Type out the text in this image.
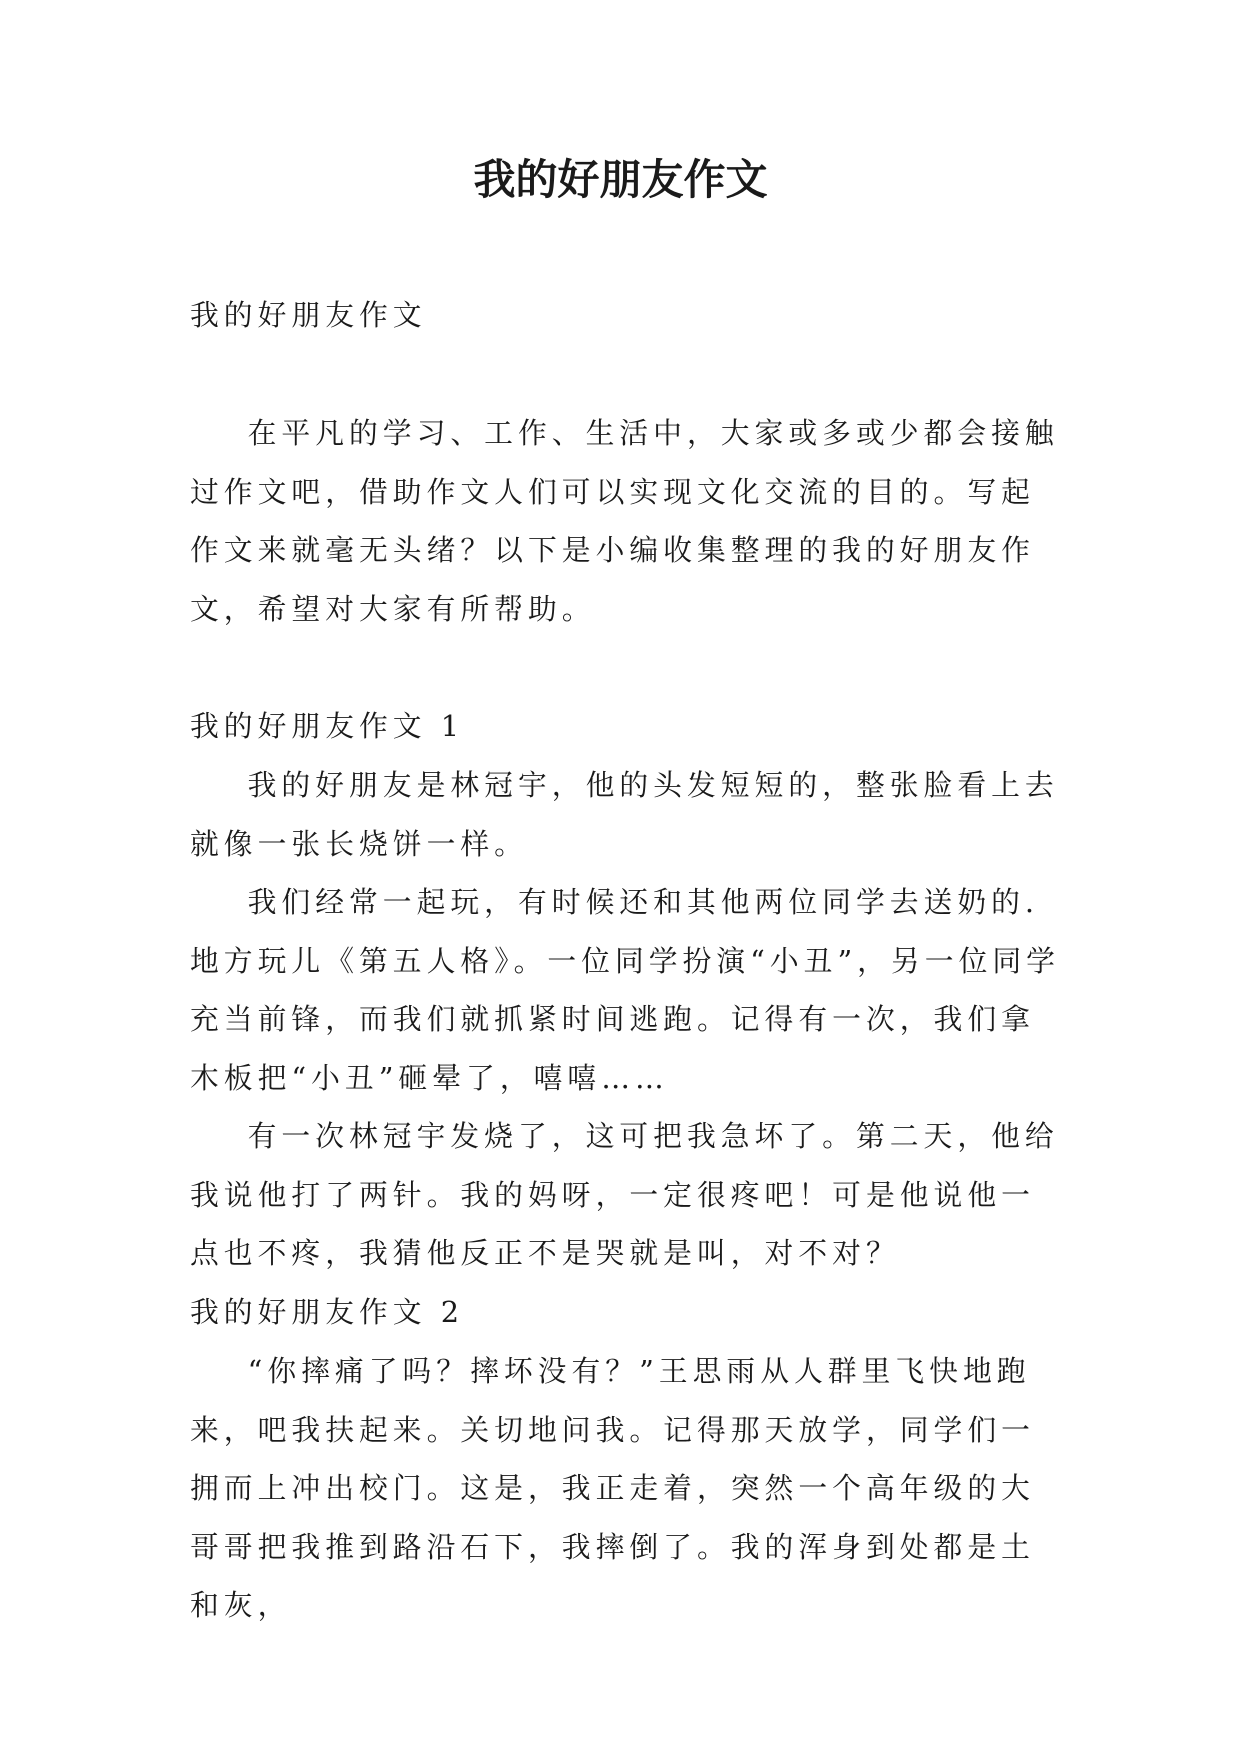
我的好朋友作文

我的好朋友作文

在平凡的学习、工作、生活中，大家或多或少都会接触过作文吧，借助作文人们可以实现文化交流的目的。写起作文来就毫无头绪？以下是小编收集整理的我的好朋友作文，希望对大家有所帮助。

我的好朋友作文 1

我的好朋友是林冠宇，他的头发短短的，整张脸看上去就像一张长烧饼一样。

我们经常一起玩，有时候还和其他两位同学去送奶的.地方玩儿《第五人格》。一位同学扮演“小丑”，另一位同学充当前锋，而我们就抓紧时间逃跑。记得有一次，我们拿木板把“小丑”砸晕了，嘻嘻……

有一次林冠宇发烧了，这可把我急坏了。第二天，他给我说他打了两针。我的妈呀，一定很疼吧！可是他说他一点也不疼，我猜他反正不是哭就是叫，对不对？

我的好朋友作文 2

“你摔痛了吗？摔坏没有？”王思雨从人群里飞快地跑来，吧我扶起来。关切地问我。记得那天放学，同学们一拥而上冲出校门。这是，我正走着，突然一个高年级的大哥哥把我推到路沿石下，我摔倒了。我的浑身到处都是土和灰，
